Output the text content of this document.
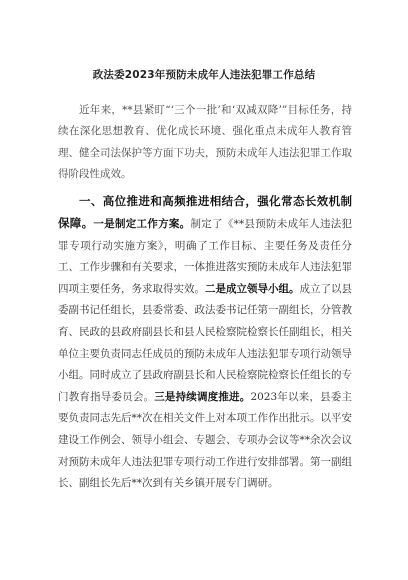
政法委2023年预防未成年人违法犯罪工作总结

近年来，**县紧盯“‘三个一批’和‘双减双降’”目标任务，持续在深化思想教育、优化成长环境、强化重点未成年人教育管理、健全司法保护等方面下功夫，预防未成年人违法犯罪工作取得阶段性成效。

一、高位推进和高频推进相结合，强化常态长效机制保障。一是制定工作方案。制定了《**县预防未成年人违法犯罪专项行动实施方案》，明确了工作目标、主要任务及责任分工、工作步骤和有关要求，一体推进落实预防未成年人违法犯罪四项主要任务，务求取得实效。二是成立领导小组。成立了以县委副书记任组长，县委常委、政法委书记任第一副组长，分管教育、民政的县政府副县长和县人民检察院检察长任副组长，相关单位主要负责同志任成员的预防未成年人违法犯罪专项行动领导小组。同时成立了县政府副县长和人民检察院检察长任组长的专门教育指导委员会。三是持续调度推进。2023年以来，县委主要负责同志先后**次在相关文件上对本项工作作出批示。以平安建设工作例会、领导小组会、专题会、专项办会议等**余次会议对预防未成年人违法犯罪专项行动工作进行安排部署。第一副组长、副组长先后**次到有关乡镇开展专门调研。
